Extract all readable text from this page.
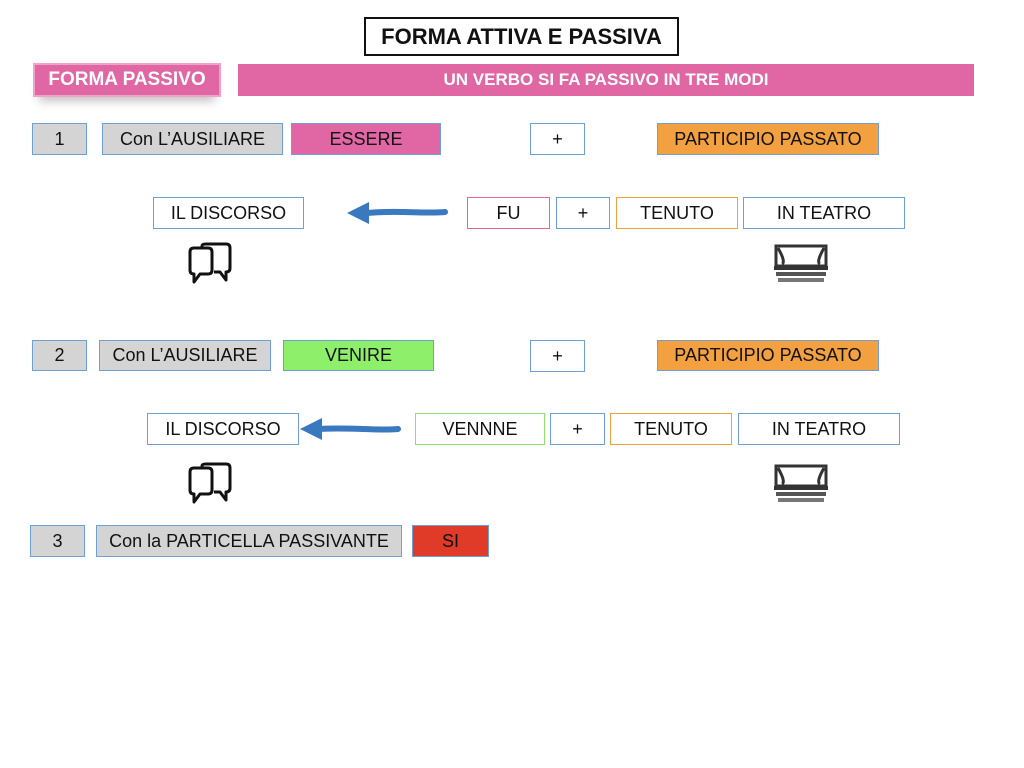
FORMA ATTIVA E PASSIVA
FORMA PASSIVO	UN VERBO SI FA PASSIVO IN TRE MODI
1	Con L’AUSILIARE	ESSERE	+	PARTICIPIO PASSATO
IL DISCORSO	FU	+	TENUTO	IN TEATRO
2	Con L’AUSILIARE	VENIRE	+	PARTICIPIO PASSATO
IL DISCORSO	VENNNE	+	TENUTO	IN TEATRO
3	Con la PARTICELLA PASSIVANTE	SI
